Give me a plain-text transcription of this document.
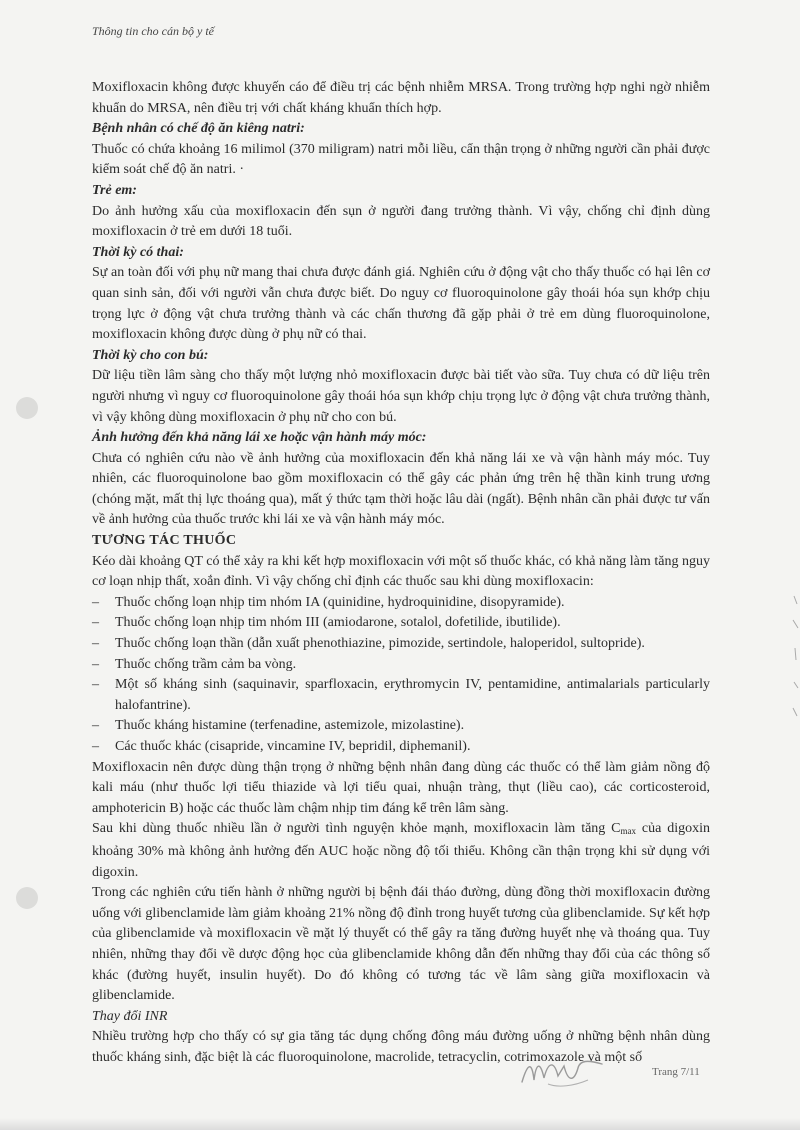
Thông tin cho cán bộ y tế

Moxifloxacin không được khuyến cáo để điều trị các bệnh nhiễm MRSA. Trong trường hợp nghi ngờ nhiễm khuẩn do MRSA, nên điều trị với chất kháng khuẩn thích hợp.

Bệnh nhân có chế độ ăn kiêng natri:

Thuốc có chứa khoảng 16 milimol (370 miligram) natri mỗi liều, cẩn thận trọng ở những người cần phải được kiểm soát chế độ ăn natri. ·

Trẻ em:

Do ảnh hưởng xấu của moxifloxacin đến sụn ở người đang trưởng thành. Vì vậy, chống chỉ định dùng moxifloxacin ở trẻ em dưới 18 tuổi.

Thời kỳ có thai:

Sự an toàn đối với phụ nữ mang thai chưa được đánh giá. Nghiên cứu ở động vật cho thấy thuốc có hại lên cơ quan sinh sản, đối với người vẫn chưa được biết. Do nguy cơ fluoroquinolone gây thoái hóa sụn khớp chịu trọng lực ở động vật chưa trưởng thành và các chấn thương đã gặp phải ở trẻ em dùng fluoroquinolone, moxifloxacin không được dùng ở phụ nữ có thai.

Thời kỳ cho con bú:

Dữ liệu tiền lâm sàng cho thấy một lượng nhỏ moxifloxacin được bài tiết vào sữa. Tuy chưa có dữ liệu trên người nhưng vì nguy cơ fluoroquinolone gây thoái hóa sụn khớp chịu trọng lực ở động vật chưa trưởng thành, vì vậy không dùng moxifloxacin ở phụ nữ cho con bú.

Ảnh hưởng đến khả năng lái xe hoặc vận hành máy móc:

Chưa có nghiên cứu nào về ảnh hưởng của moxifloxacin đến khả năng lái xe và vận hành máy móc. Tuy nhiên, các fluoroquinolone bao gồm moxifloxacin có thể gây các phản ứng trên hệ thần kinh trung ương (chóng mặt, mất thị lực thoáng qua), mất ý thức tạm thời hoặc lâu dài (ngất). Bệnh nhân cần phải được tư vấn về ảnh hưởng của thuốc trước khi lái xe và vận hành máy móc.

TƯƠNG TÁC THUỐC

Kéo dài khoảng QT có thể xảy ra khi kết hợp moxifloxacin với một số thuốc khác, có khả năng làm tăng nguy cơ loạn nhịp thất, xoắn đỉnh. Vì vậy chống chỉ định các thuốc sau khi dùng moxifloxacin:

– Thuốc chống loạn nhịp tim nhóm IA (quinidine, hydroquinidine, disopyramide).
– Thuốc chống loạn nhịp tim nhóm III (amiodarone, sotalol, dofetilide, ibutilide).
– Thuốc chống loạn thần (dẫn xuất phenothiazine, pimozide, sertindole, haloperidol, sultopride).
– Thuốc chống trầm cảm ba vòng.
– Một số kháng sinh (saquinavir, sparfloxacin, erythromycin IV, pentamidine, antimalarials particularly halofantrine).
– Thuốc kháng histamine (terfenadine, astemizole, mizolastine).
– Các thuốc khác (cisapride, vincamine IV, bepridil, diphemanil).

Moxifloxacin nên được dùng thận trọng ở những bệnh nhân đang dùng các thuốc có thể làm giảm nồng độ kali máu (như thuốc lợi tiểu thiazide và lợi tiểu quai, nhuận tràng, thụt (liều cao), các corticosteroid, amphotericin B) hoặc các thuốc làm chậm nhịp tim đáng kể trên lâm sàng.

Sau khi dùng thuốc nhiều lần ở người tình nguyện khỏe mạnh, moxifloxacin làm tăng $C_{max}$ của digoxin khoảng 30% mà không ảnh hưởng đến AUC hoặc nồng độ tối thiểu. Không cần thận trọng khi sử dụng với digoxin.

Trong các nghiên cứu tiến hành ở những người bị bệnh đái tháo đường, dùng đồng thời moxifloxacin đường uống với glibenclamide làm giảm khoảng 21% nồng độ đỉnh trong huyết tương của glibenclamide. Sự kết hợp của glibenclamide và moxifloxacin về mặt lý thuyết có thể gây ra tăng đường huyết nhẹ và thoáng qua. Tuy nhiên, những thay đổi về dược động học của glibenclamide không dẫn đến những thay đổi của các thông số khác (đường huyết, insulin huyết). Do đó không có tương tác về lâm sàng giữa moxifloxacin và glibenclamide.

Thay đổi INR

Nhiều trường hợp cho thấy có sự gia tăng tác dụng chống đông máu đường uống ở những bệnh nhân dùng thuốc kháng sinh, đặc biệt là các fluoroquinolone, macrolide, tetracyclin, cotrimoxazole và một số

Trang 7/11
